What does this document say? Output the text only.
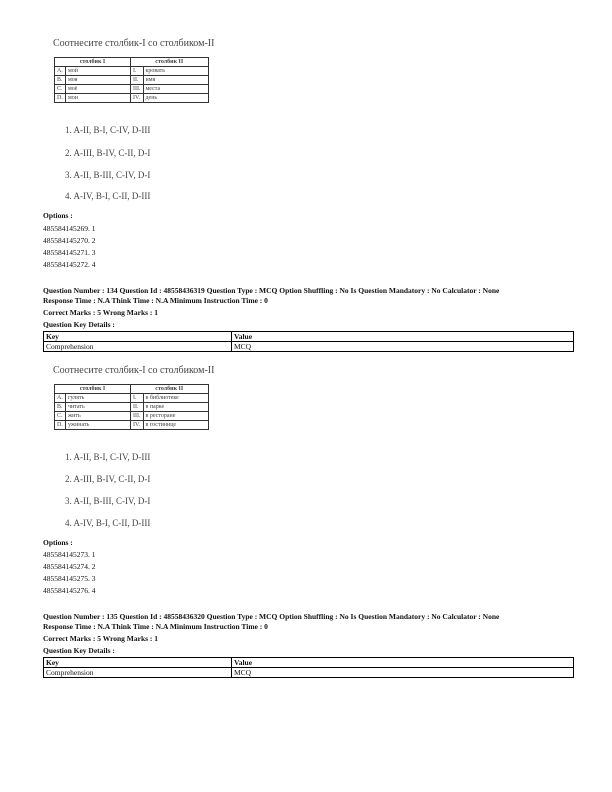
Соотнесите столбик-I со столбиком-II

столбик I		столбик II	
A.	мой	I.	кровать
B.	моя	II.	имя
C.	моё	III.	места
D.	мои	IV.	день

1. A-II, B-I, C-IV, D-III

2. A-III, B-IV, C-II, D-I

3. A-II, B-III, C-IV, D-I

4. A-IV, B-I, C-II, D-III

Options :
485584145269. 1
485584145270. 2
485584145271. 3
485584145272. 4
Question Number : 134 Question Id : 48558436319 Question Type : MCQ Option Shuffling : No Is Question Mandatory : No Calculator : None
Response Time : N.A Think Time : N.A Minimum Instruction Time : 0
Correct Marks : 5 Wrong Marks : 1
Question Key Details :
Key	Value
Comprehension	MCQ

Соотнесите столбик-I со столбиком-II

столбик I		столбик II	
A.	гулять	I.	в библиотеке
B.	читать	II.	в парке
C.	жить	III.	в ресторане
D.	ужинать	IV.	в гостинице

1. A-II, B-I, C-IV, D-III

2. A-III, B-IV, C-II, D-I

3. A-II, B-III, C-IV, D-I

4. A-IV, B-I, C-II, D-III

Options :
485584145273. 1
485584145274. 2
485584145275. 3
485584145276. 4
Question Number : 135 Question Id : 48558436320 Question Type : MCQ Option Shuffling : No Is Question Mandatory : No Calculator : None
Response Time : N.A Think Time : N.A Minimum Instruction Time : 0
Correct Marks : 5 Wrong Marks : 1
Question Key Details :
Key	Value
Comprehension	MCQ
